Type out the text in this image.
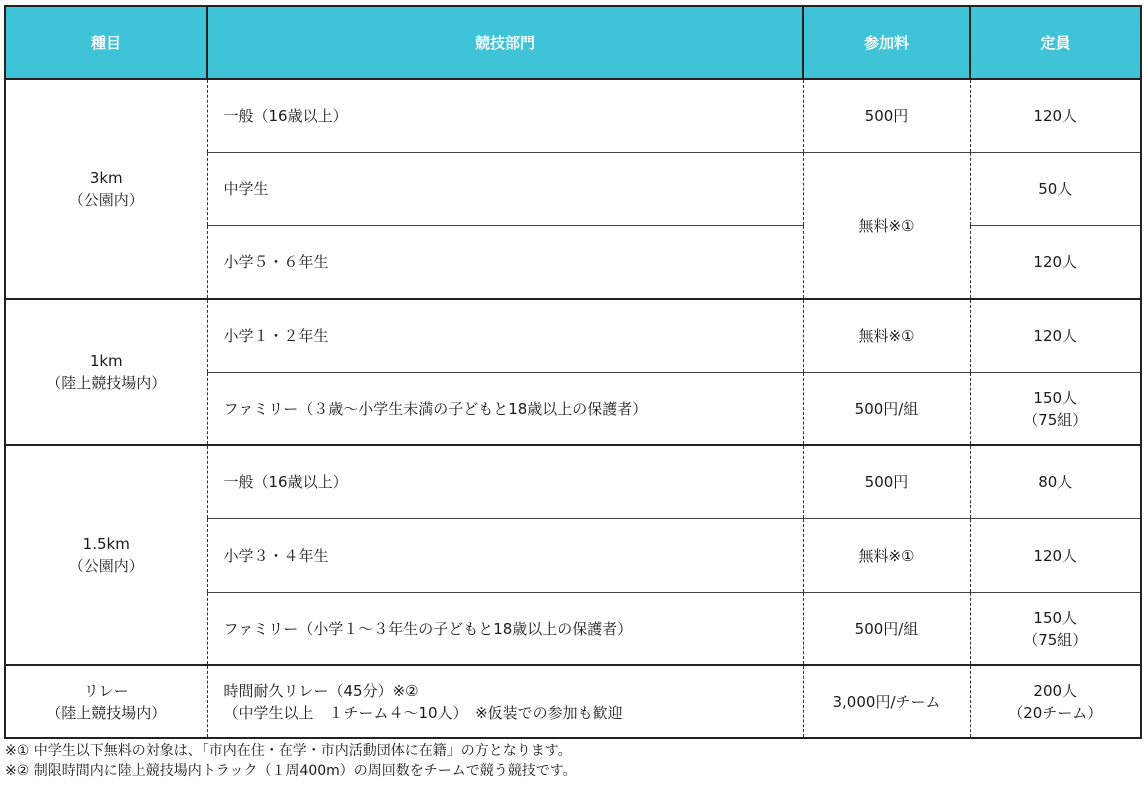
種目	競技部門	参加料	定員

3km
（公園内）	一般（16歳以上）	500円	120人
	中学生	無料※①	50人
	小学５・６年生		120人

1km
（陸上競技場内）	小学１・２年生	無料※①	120人
	ファミリー（３歳～小学生未満の子どもと18歳以上の保護者）	500円/組	150人
（75組）

1.5km
（公園内）	一般（16歳以上）	500円	80人
	小学３・４年生	無料※①	120人
	ファミリー（小学１～３年生の子どもと18歳以上の保護者）	500円/組	150人
（75組）

リレー
（陸上競技場内）	時間耐久リレー（45分）※②
（中学生以上　１チーム４～10人）　※仮装での参加も歓迎	3,000円/チーム	200人
（20チーム）
※① 中学生以下無料の対象は、「市内在住・在学・市内活動団体に在籍」の方となります。
※② 制限時間内に陸上競技場内トラック（１周400m）の周回数をチームで競う競技です。
